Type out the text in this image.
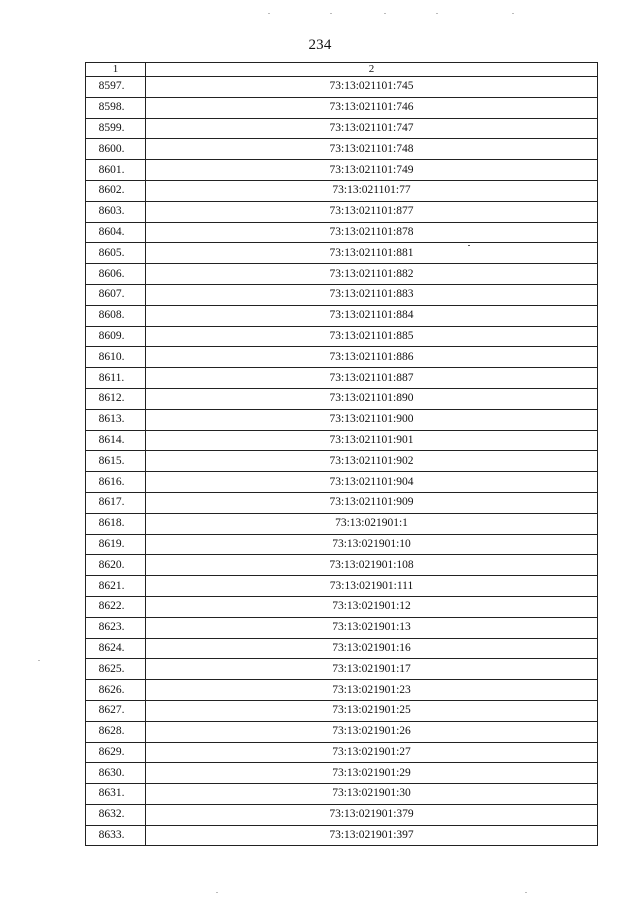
234
1	2
8597.	73:13:021101:745
8598.	73:13:021101:746
8599.	73:13:021101:747
8600.	73:13:021101:748
8601.	73:13:021101:749
8602.	73:13:021101:77
8603.	73:13:021101:877
8604.	73:13:021101:878
8605.	73:13:021101:881
8606.	73:13:021101:882
8607.	73:13:021101:883
8608.	73:13:021101:884
8609.	73:13:021101:885
8610.	73:13:021101:886
8611.	73:13:021101:887
8612.	73:13:021101:890
8613.	73:13:021101:900
8614.	73:13:021101:901
8615.	73:13:021101:902
8616.	73:13:021101:904
8617.	73:13:021101:909
8618.	73:13:021901:1
8619.	73:13:021901:10
8620.	73:13:021901:108
8621.	73:13:021901:111
8622.	73:13:021901:12
8623.	73:13:021901:13
8624.	73:13:021901:16
8625.	73:13:021901:17
8626.	73:13:021901:23
8627.	73:13:021901:25
8628.	73:13:021901:26
8629.	73:13:021901:27
8630.	73:13:021901:29
8631.	73:13:021901:30
8632.	73:13:021901:379
8633.	73:13:021901:397
